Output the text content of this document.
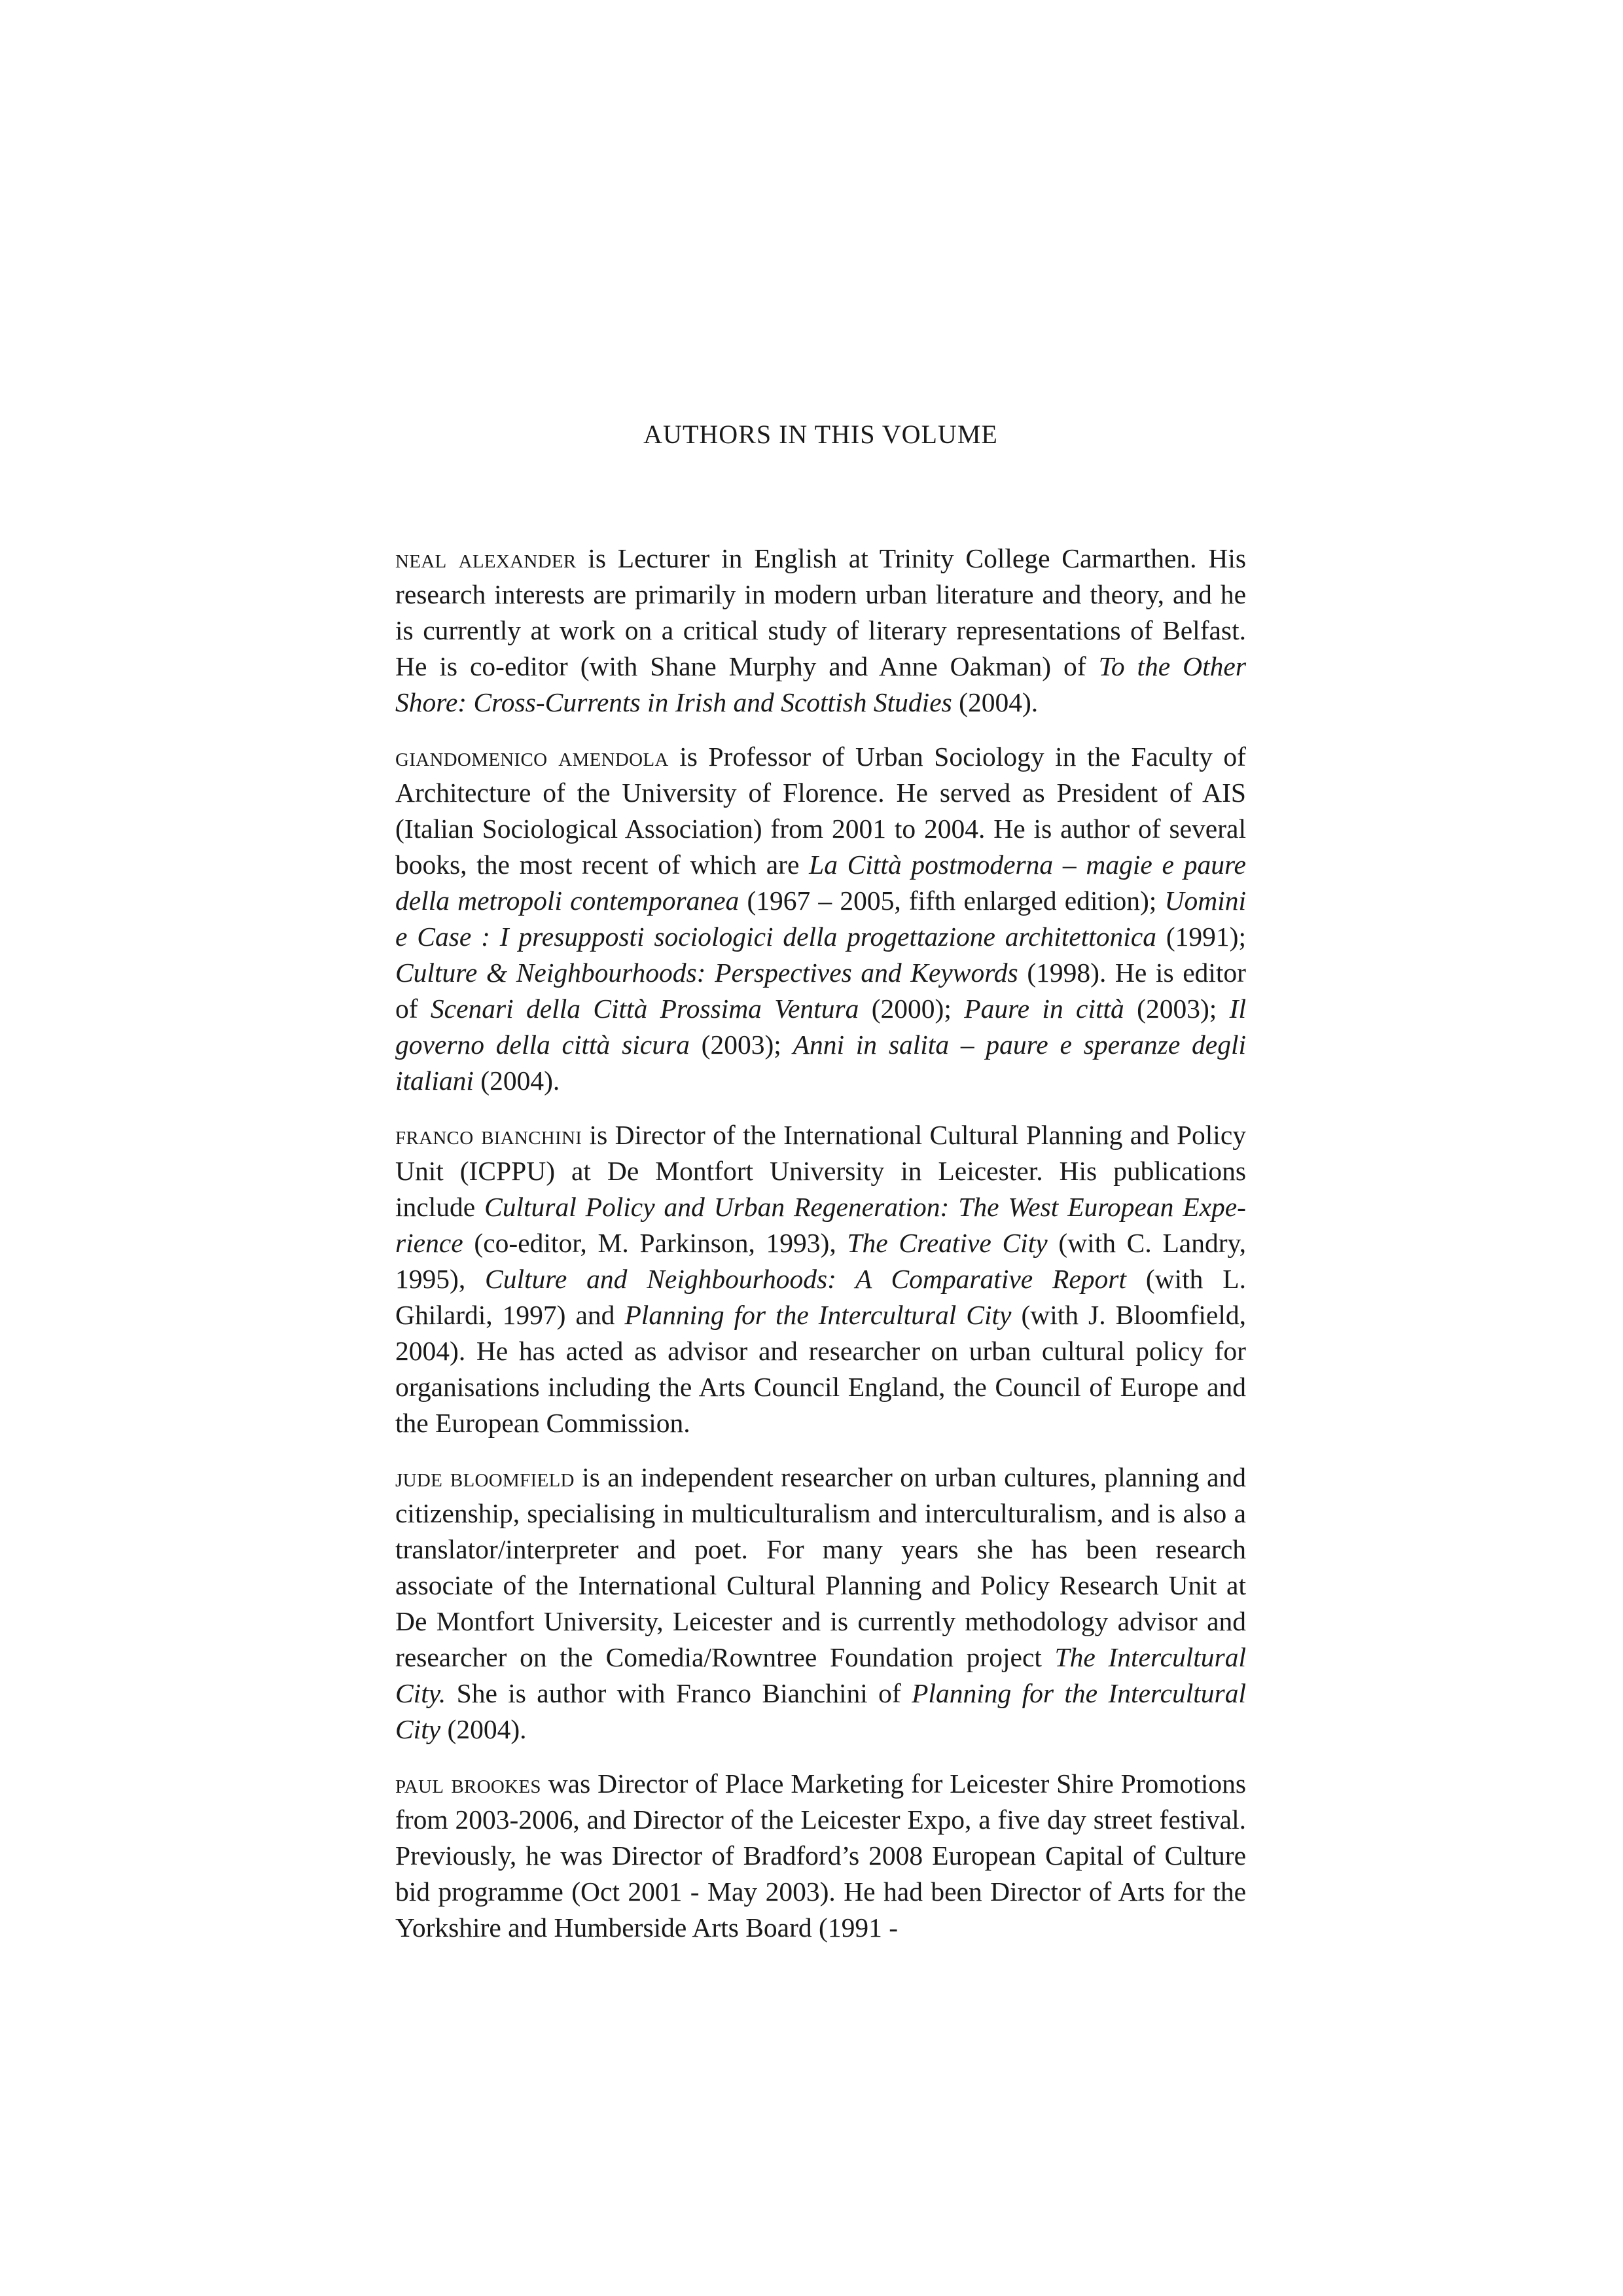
AUTHORS IN THIS VOLUME

neal alexander is Lecturer in English at Trinity College Carmarthen. His research interests are primarily in modern urban literature and theory, and he is currently at work on a critical study of literary representations of Belfast. He is co-editor (with Shane Murphy and Anne Oakman) of To the Other Shore: Cross-Currents in Irish and Scottish Studies (2004).

giandomenico amendola is Professor of Urban Sociology in the Faculty of Architecture of the University of Florence. He served as President of AIS (Italian Sociological Association) from 2001 to 2004. He is author of several books, the most recent of which are La Città postmoderna – magie e paure della metropoli contemporanea (1967 – 2005, fifth enlarged edition); Uomini e Case : I presupposti sociologici della progettazione architettonica (1991); Culture & Neighbourhoods: Perspectives and Keywords (1998). He is editor of Scenari della Città Prossima Ventura (2000); Paure in città (2003); Il governo della città sicura (2003); Anni in salita – paure e speranze degli italiani (2004).

franco bianchini is Director of the International Cultural Planning and Policy Unit (ICPPU) at De Montfort University in Leicester. His publications include Cultural Policy and Urban Regeneration: The West European Experience (co-editor, M. Parkinson, 1993), The Creative City (with C. Landry, 1995), Culture and Neighbourhoods: A Comparative Report (with L. Ghilardi, 1997) and Planning for the Intercultural City (with J. Bloomfield, 2004). He has acted as advisor and researcher on urban cultural policy for organisations including the Arts Council England, the Council of Europe and the European Commission.

jude bloomfield is an independent researcher on urban cultures, planning and citizenship, specialising in multiculturalism and interculturalism, and is also a translator/interpreter and poet. For many years she has been research associate of the International Cultural Planning and Policy Research Unit at De Montfort University, Leicester and is currently methodology advisor and researcher on the Comedia/Rowntree Foundation project The Intercultural City. She is author with Franco Bianchini of Planning for the Intercultural City (2004).

paul brookes was Director of Place Marketing for Leicester Shire Promotions from 2003-2006, and Director of the Leicester Expo, a five day street festival. Previously, he was Director of Bradford’s 2008 European Capital of Culture bid programme (Oct 2001 - May 2003). He had been Director of Arts for the Yorkshire and Humberside Arts Board (1991 -
